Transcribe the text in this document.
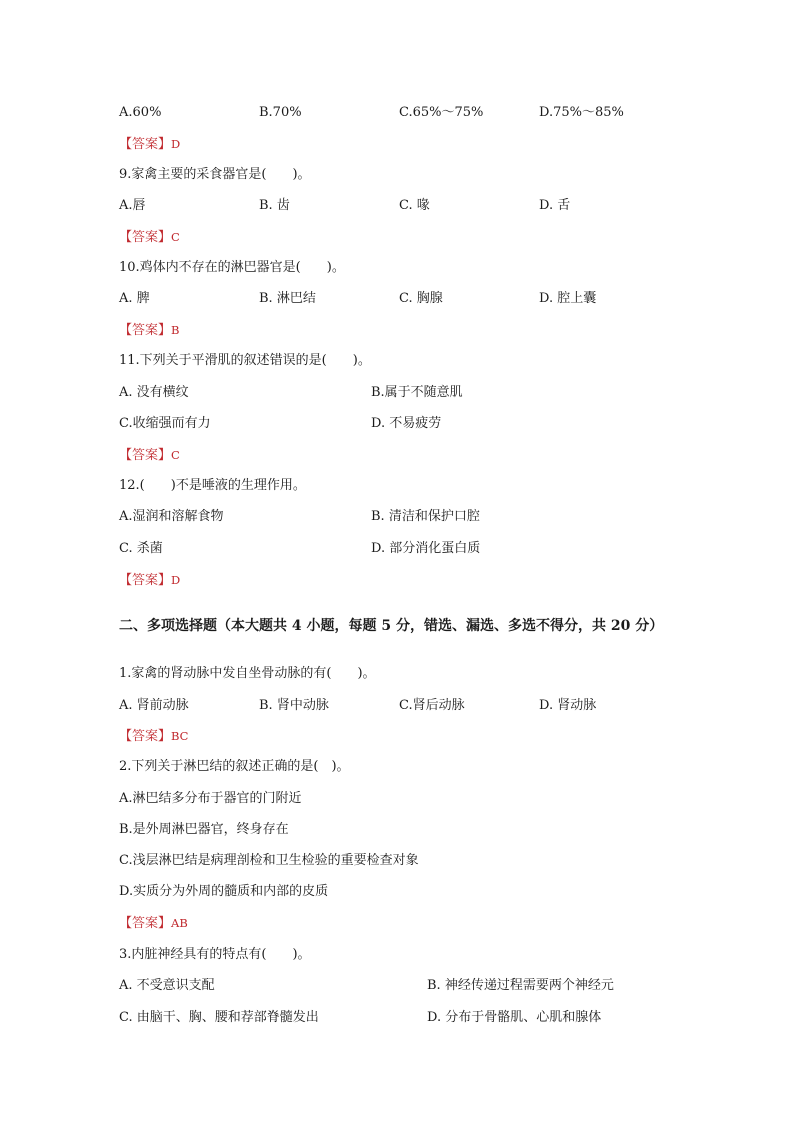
A.60%	B.70%	C.65%～75%	D.75%～85%
【答案】D
9.家禽主要的采食器官是(　　)。
A.唇	B. 齿	C. 喙	D. 舌
【答案】C
10.鸡体内不存在的淋巴器官是(　　)。
A. 脾	B. 淋巴结	C. 胸腺	D. 腔上囊
【答案】B
11.下列关于平滑肌的叙述错误的是(　　)。
A. 没有横纹	B.属于不随意肌
C.收缩强而有力	D. 不易疲劳
【答案】C
12.(　　)不是唾液的生理作用。
A.湿润和溶解食物	B. 清洁和保护口腔
C. 杀菌	D. 部分消化蛋白质
【答案】D
二、多项选择题（本大题共 4 小题，每题 5 分，错选、漏选、多选不得分，共 20 分）
1.家禽的肾动脉中发自坐骨动脉的有(　　)。
A. 肾前动脉	B. 肾中动脉	C.肾后动脉	D. 肾动脉
【答案】BC
2.下列关于淋巴结的叙述正确的是(　)。
A.淋巴结多分布于器官的门附近
B.是外周淋巴器官，终身存在
C.浅层淋巴结是病理剖检和卫生检验的重要检查对象
D.实质分为外周的髓质和内部的皮质
【答案】AB
3.内脏神经具有的特点有(　　)。
A. 不受意识支配	B. 神经传递过程需要两个神经元
C. 由脑干、胸、腰和荐部脊髓发出	D. 分布于骨骼肌、心肌和腺体
